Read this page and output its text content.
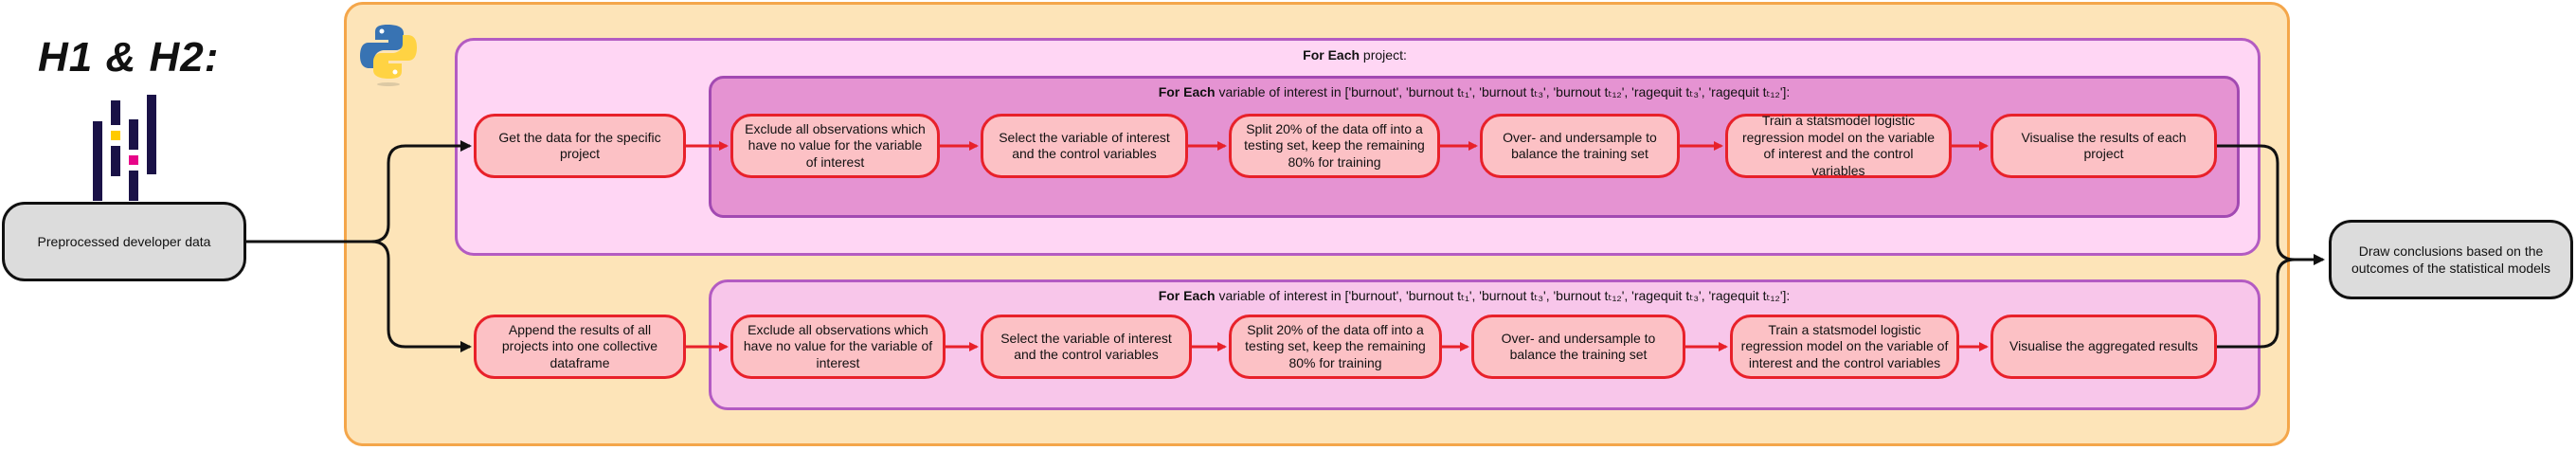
H1 & H2:	For Each project:
For Each variable of interest in ['burnout', 'burnout tₜ₁', 'burnout tₜ₃', 'burnout tₜ₁₂', 'ragequit tₜ₃', 'ragequit tₜ₁₂']:
For Each variable of interest in ['burnout', 'burnout tₜ₁', 'burnout tₜ₃', 'burnout tₜ₁₂', 'ragequit tₜ₃', 'ragequit tₜ₁₂']:
Preprocessed developer data
Draw conclusions based on the outcomes of the statistical models
Get the data for the specific project
Exclude all observations which have no value for the variable of interest
Select the variable of interest and the control variables
Split 20% of the data off into a testing set, keep the remaining 80% for training
Over- and undersample to balance the training set
Train a statsmodel logistic regression model on the variable of interest and the control variables
Visualise the results of each project
Append the results of all projects into one collective dataframe
Exclude all observations which have no value for the variable of interest
Select the variable of interest and the control variables
Split 20% of the data off into a testing set, keep the remaining 80% for training
Over- and undersample to balance the training set
Train a statsmodel logistic regression model on the variable of interest and the control variables
Visualise the aggregated results
